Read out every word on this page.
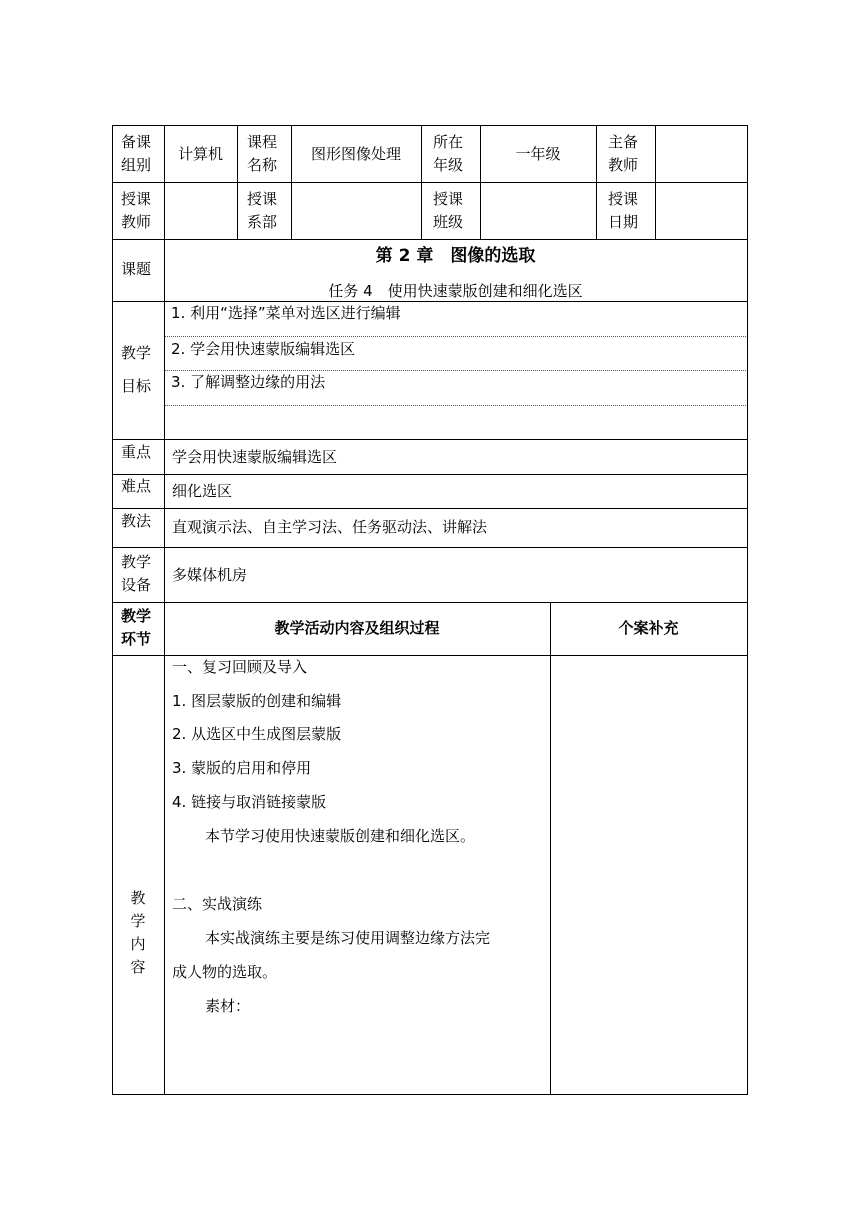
备课
组别
计算机
课程
名称
图形图像处理
所在
年级
一年级
主备
教师
授课
教师
授课
系部
授课
班级
授课
日期
课题
第 2 章　图像的选取
任务 4　使用快速蒙版创建和细化选区
教学
目标
1. 利用“选择”菜单对选区进行编辑
2. 学会用快速蒙版编辑选区
3. 了解调整边缘的用法
重点 学会用快速蒙版编辑选区
难点 细化选区
教法 直观演示法、自主学习法、任务驱动法、讲解法
教学
设备
多媒体机房
教学
环节
教学活动内容及组织过程	个案补充
教
学
内
容
一、复习回顾及导入
1. 图层蒙版的创建和编辑
2. 从选区中生成图层蒙版
3. 蒙版的启用和停用
4. 链接与取消链接蒙版
本节学习使用快速蒙版创建和细化选区。
二、实战演练
本实战演练主要是练习使用调整边缘方法完
成人物的选取。
素材：
